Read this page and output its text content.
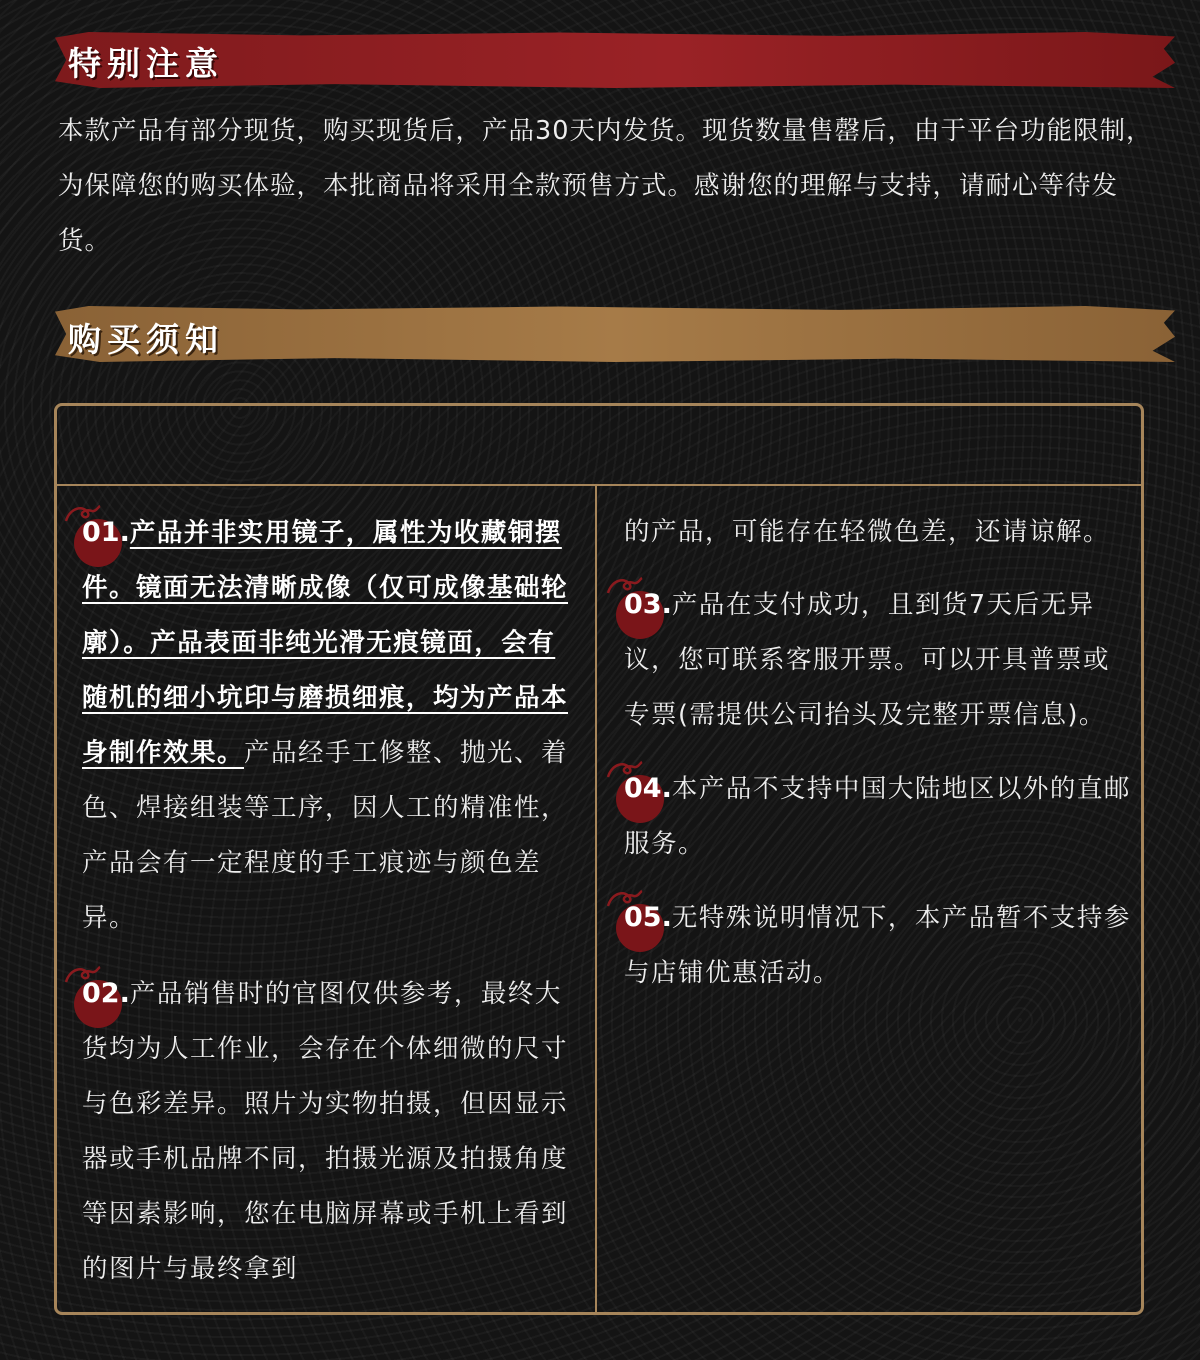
特别注意

本款产品有部分现货，购买现货后，产品30天内发货。现货数量售罄后，由于平台功能限制，为保障您的购买体验，本批商品将采用全款预售方式。感谢您的理解与支持，请耐心等待发货。

购买须知

01.产品并非实用镜子，属性为收藏铜摆件。镜面无法清晰成像（仅可成像基础轮廓）。产品表面非纯光滑无痕镜面，会有随机的细小坑印与磨损细痕，均为产品本身制作效果。产品经手工修整、抛光、着色、焊接组装等工序，因人工的精准性，产品会有一定程度的手工痕迹与颜色差异。

02.产品销售时的官图仅供参考，最终大货均为人工作业，会存在个体细微的尺寸与色彩差异。照片为实物拍摄，但因显示器或手机品牌不同，拍摄光源及拍摄角度等因素影响，您在电脑屏幕或手机上看到的图片与最终拿到

的产品，可能存在轻微色差，还请谅解。

03.产品在支付成功，且到货7天后无异议，您可联系客服开票。可以开具普票或专票(需提供公司抬头及完整开票信息)。

04.本产品不支持中国大陆地区以外的直邮服务。

05.无特殊说明情况下，本产品暂不支持参与店铺优惠活动。
